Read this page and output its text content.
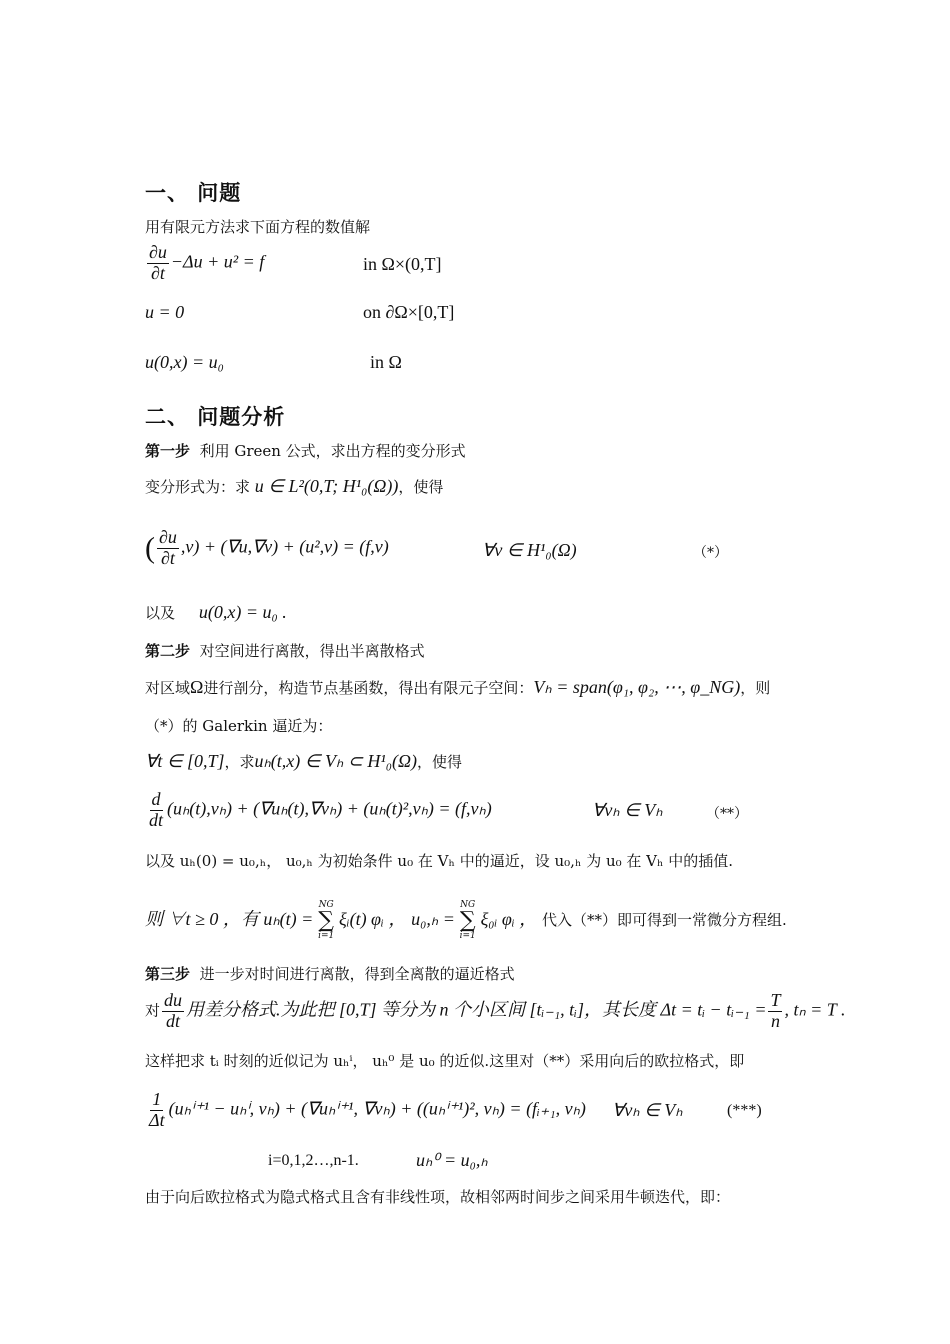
一、 问题
用有限元方法求下面方程的数值解
$\frac{\partial u}{\partial t} -\Delta u + u^2 = f$	in Ω×(0,T]
u = 0	on ∂Ω×[0,T]
u(0,x) = u₀	in Ω
二、 问题分析
第一步 利用 Green 公式，求出方程的变分形式
变分形式为：求 u ∈ L²(0,T; H¹₀(Ω))，使得
( $\frac{\partial u}{\partial t} ,v) + (\nabla u,\nabla v) + (u^2,v) = (f,v)$	∀v ∈ H¹₀(Ω)	（*）
以及 u(0,x) = u₀ .
第二步 对空间进行离散，得出半离散格式
对区域Ω进行剖分，构造节点基函数，得出有限元子空间：Vₕ = span(φ₁, φ₂, ⋯, φ_NG)，则
（*）的 Galerkin 逼近为：
∀t ∈ [0,T]，求uₕ(t,x) ∈ Vₕ ⊂ H¹₀(Ω)，使得
$\frac{d}{dt} (u_h(t),v_h) + (\nabla u_h(t),\nabla v_h) + (u_h(t)^2,v_h) = (f,v_h)$	∀vₕ ∈ Vₕ	（**）
以及 uₕ(0) = u₀,ₕ， u₀,ₕ 为初始条件 u₀ 在 Vₕ 中的逼近，设 u₀,ₕ 为 u₀ 在 Vₕ 中的插值.
则 ∀t ≥ 0 ，有 uₕ(t) =
NG
∑
i=1
ξᵢ(t) φᵢ ， u₀,ₕ =
NG
∑
i=1
ξ₀ᵢ φᵢ ， 代入（**）即可得到一常微分方程组.
第三步 进一步对时间进行离散，得到全离散的逼近格式
对 $\frac{du}{dt}$ 用差分格式.为此把 [0,T] 等分为 n 个小区间 [tᵢ₋₁, tᵢ]，其长度 Δt = tᵢ − tᵢ₋₁ = $\frac{T}{n}$ , tₙ = T .
这样把求 tᵢ 时刻的近似记为 uₕⁱ， uₕ⁰ 是 u₀ 的近似.这里对（**）采用向后的欧拉格式，即
$\frac{1}{\Delta t} (u_h^{i+1} - u_h^i$, vₕ) + (∇uₕⁱ⁺¹, ∇vₕ) + ((uₕⁱ⁺¹)², vₕ) = (fᵢ₊₁, vₕ) ∀vₕ ∈ Vₕ	(***)
i=0,1,2…,n-1.	uₕ⁰ = u₀,ₕ
由于向后欧拉格式为隐式格式且含有非线性项，故相邻两时间步之间采用牛顿迭代，即：
